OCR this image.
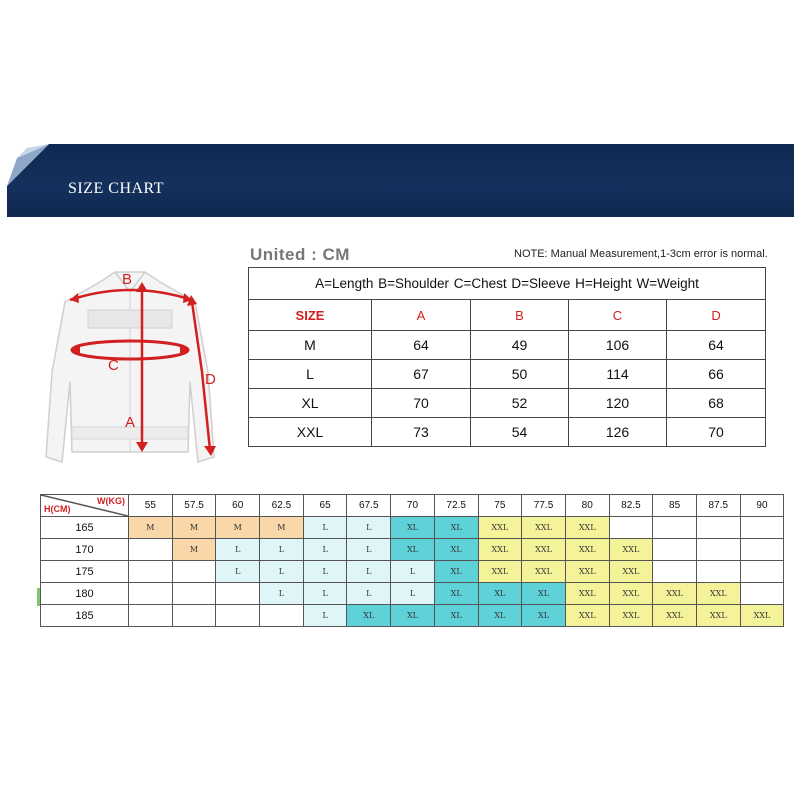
SIZE CHART
B
C
A
D
United : CM	NOTE: Manual Measurement,1-3cm error is normal.
A=Length B=Shoulder C=Chest D=Sleeve H=Height W=Weight				
SIZE	A	B	C	D
M	64	49	106	64
L	67	50	114	66
XL	70	52	120	68
XXL	73	54	126	70
H(CM)
W(KG)	55	57.5	60	62.5	65	67.5	70	72.5	75	77.5	80	82.5	85	87.5	90
165	M	M	M	M	L	L	XL	XL	XXL	XXL	XXL				
170		M	L	L	L	L	XL	XL	XXL	XXL	XXL	XXL			
175			L	L	L	L	L	XL	XXL	XXL	XXL	XXL			
180				L	L	L	L	XL	XL	XL	XXL	XXL	XXL	XXL	
185					L	XL	XL	XL	XL	XL	XXL	XXL	XXL	XXL	XXL
